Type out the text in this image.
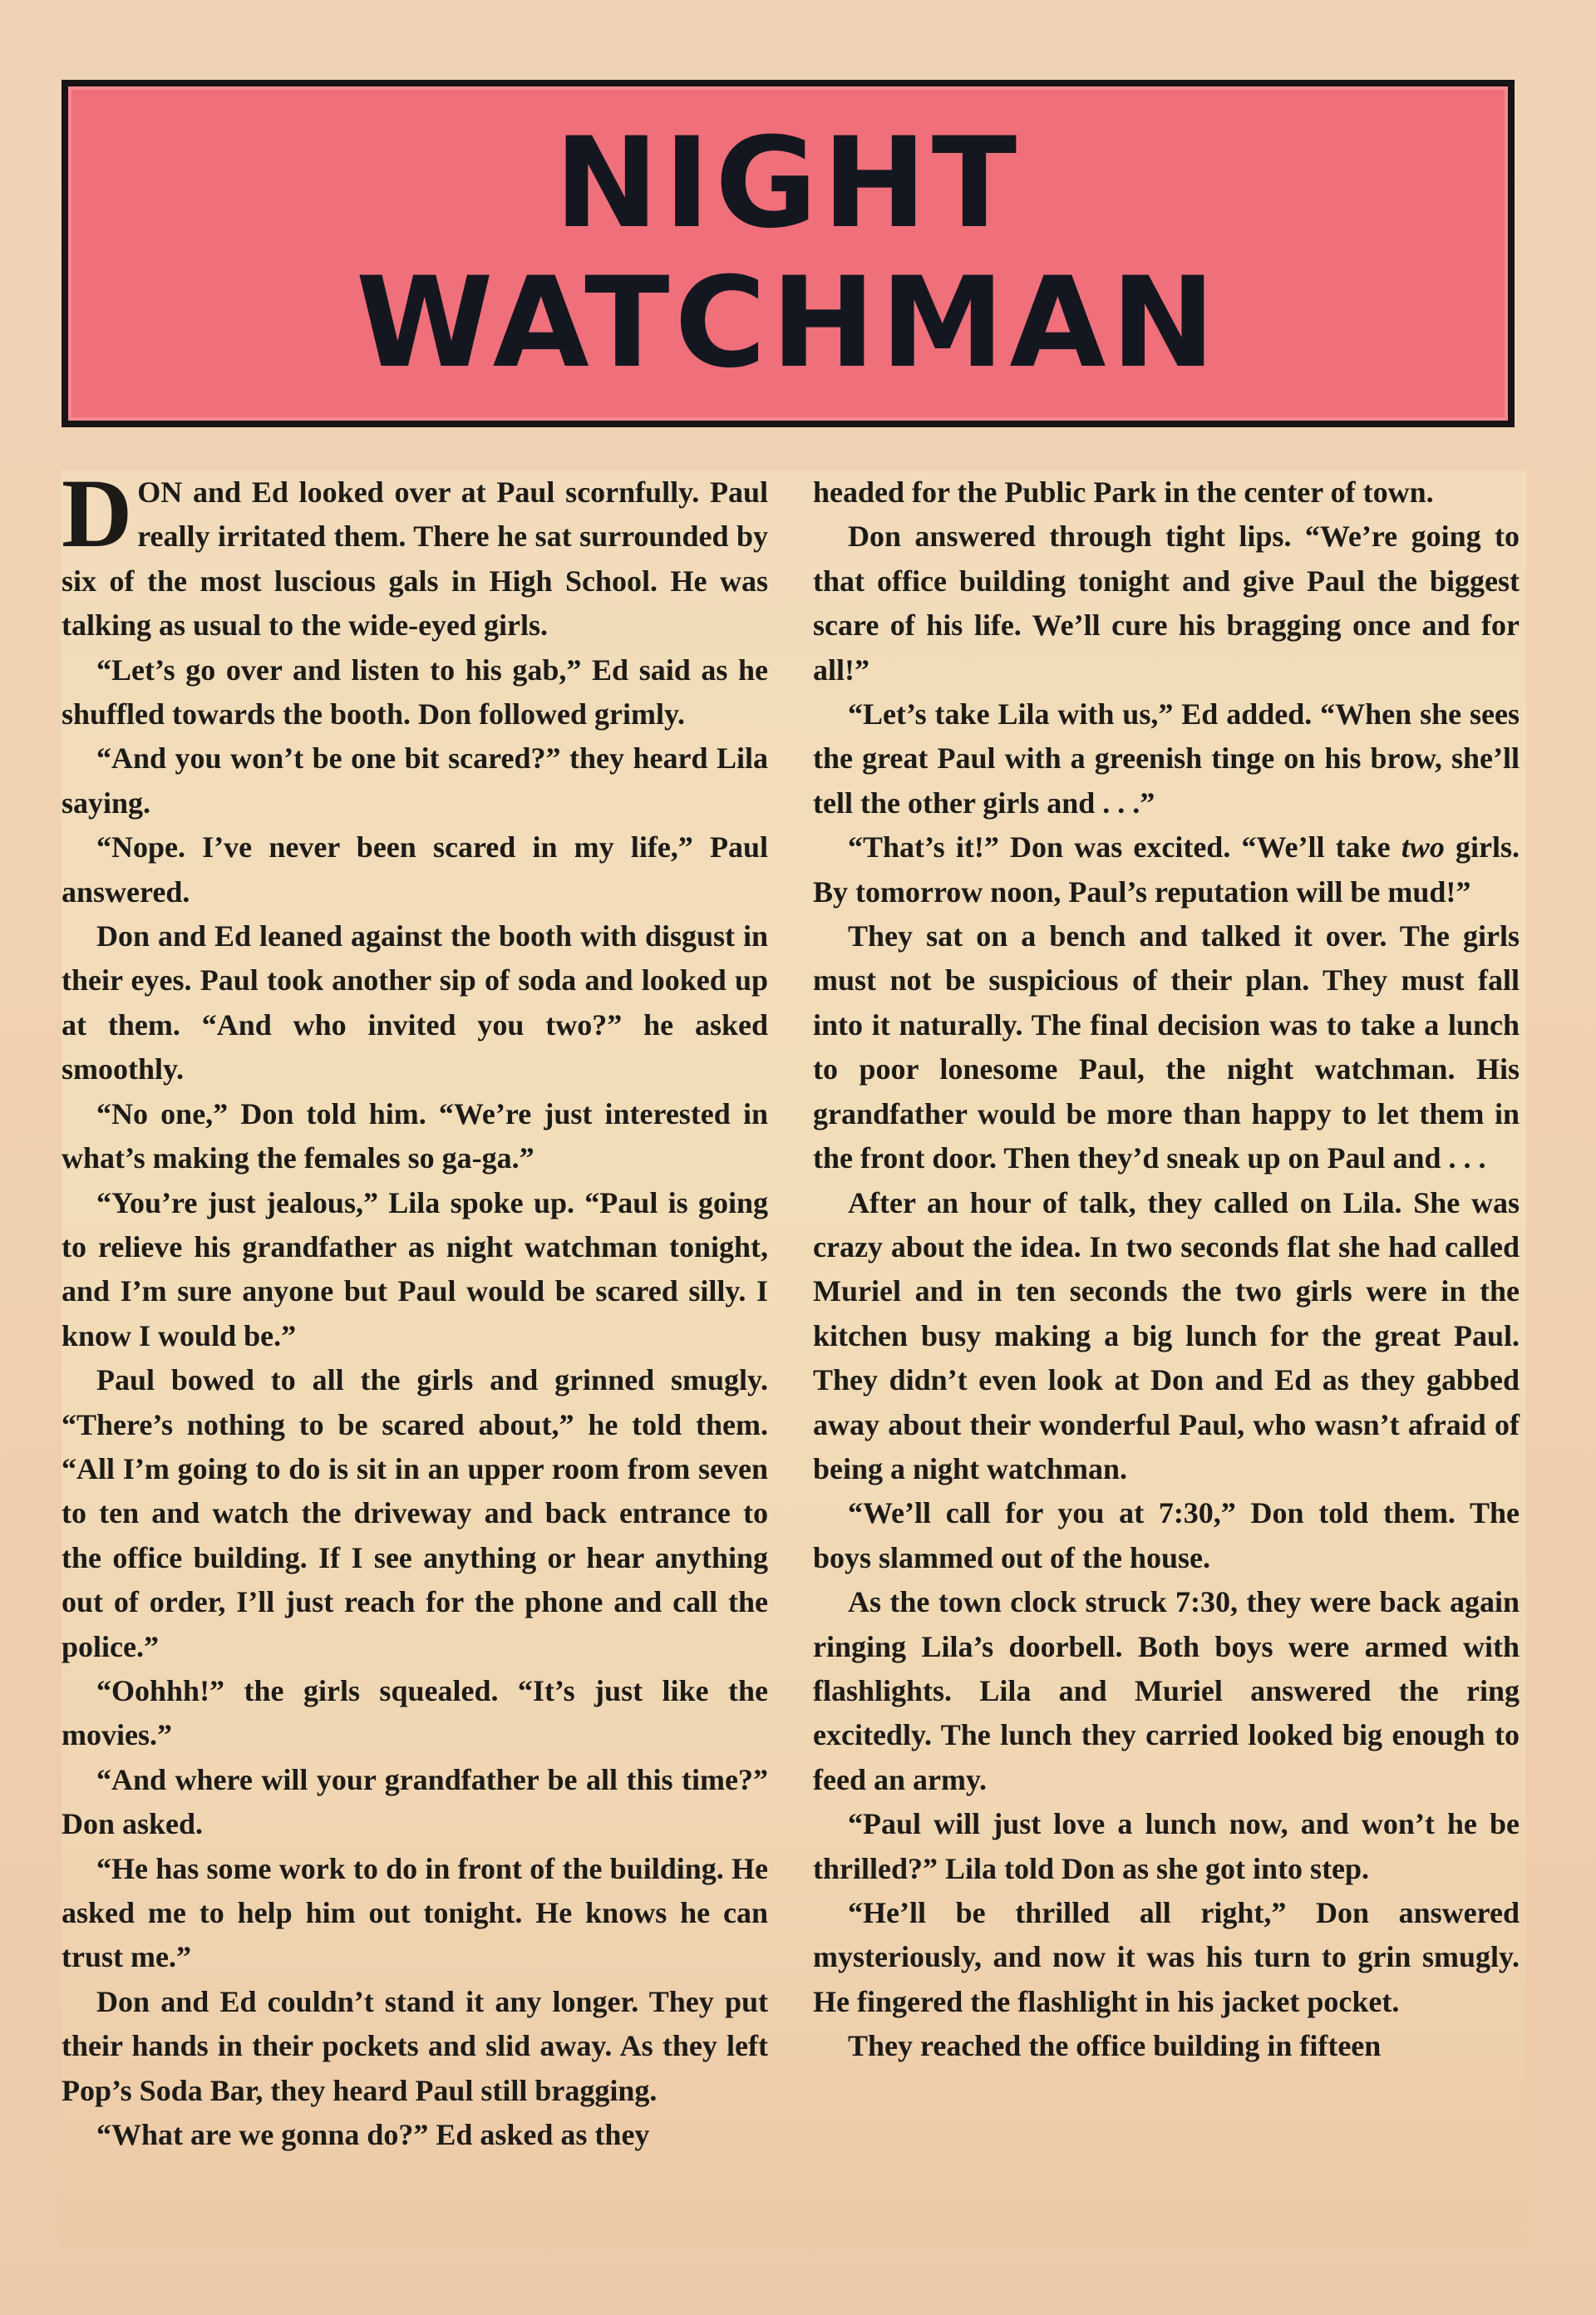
NIGHT
WATCHMAN

DON and Ed looked over at Paul scornfully. Paul really irritated them. There he sat surrounded by six of the most luscious gals in High School. He was talking as usual to the wide-eyed girls.

“Let’s go over and listen to his gab,” Ed said as he shuffled towards the booth. Don followed grimly.

“And you won’t be one bit scared?” they heard Lila saying.

“Nope. I’ve never been scared in my life,” Paul answered.

Don and Ed leaned against the booth with disgust in their eyes. Paul took another sip of soda and looked up at them. “And who invited you two?” he asked smoothly.

“No one,” Don told him. “We’re just interested in what’s making the females so ga-ga.”

“You’re just jealous,” Lila spoke up. “Paul is going to relieve his grandfather as night watchman tonight, and I’m sure anyone but Paul would be scared silly. I know I would be.”

Paul bowed to all the girls and grinned smugly. “There’s nothing to be scared about,” he told them. “All I’m going to do is sit in an upper room from seven to ten and watch the driveway and back entrance to the office building. If I see anything or hear anything out of order, I’ll just reach for the phone and call the police.”

“Oohhh!” the girls squealed. “It’s just like the movies.”

“And where will your grandfather be all this time?” Don asked.

“He has some work to do in front of the building. He asked me to help him out tonight. He knows he can trust me.”

Don and Ed couldn’t stand it any longer. They put their hands in their pockets and slid away. As they left Pop’s Soda Bar, they heard Paul still bragging.

“What are we gonna do?” Ed asked as they

headed for the Public Park in the center of town.

Don answered through tight lips. “We’re going to that office building tonight and give Paul the biggest scare of his life. We’ll cure his bragging once and for all!”

“Let’s take Lila with us,” Ed added. “When she sees the great Paul with a greenish tinge on his brow, she’ll tell the other girls and . . .”

“That’s it!” Don was excited. “We’ll take two girls. By tomorrow noon, Paul’s reputation will be mud!”

They sat on a bench and talked it over. The girls must not be suspicious of their plan. They must fall into it naturally. The final decision was to take a lunch to poor lonesome Paul, the night watchman. His grandfather would be more than happy to let them in the front door. Then they’d sneak up on Paul and . . .

After an hour of talk, they called on Lila. She was crazy about the idea. In two seconds flat she had called Muriel and in ten seconds the two girls were in the kitchen busy making a big lunch for the great Paul. They didn’t even look at Don and Ed as they gabbed away about their wonderful Paul, who wasn’t afraid of being a night watchman.

“We’ll call for you at 7:30,” Don told them. The boys slammed out of the house.

As the town clock struck 7:30, they were back again ringing Lila’s doorbell. Both boys were armed with flashlights. Lila and Muriel answered the ring excitedly. The lunch they carried looked big enough to feed an army.

“Paul will just love a lunch now, and won’t he be thrilled?” Lila told Don as she got into step.

“He’ll be thrilled all right,” Don answered mysteriously, and now it was his turn to grin smugly. He fingered the flashlight in his jacket pocket.

They reached the office building in fifteen
